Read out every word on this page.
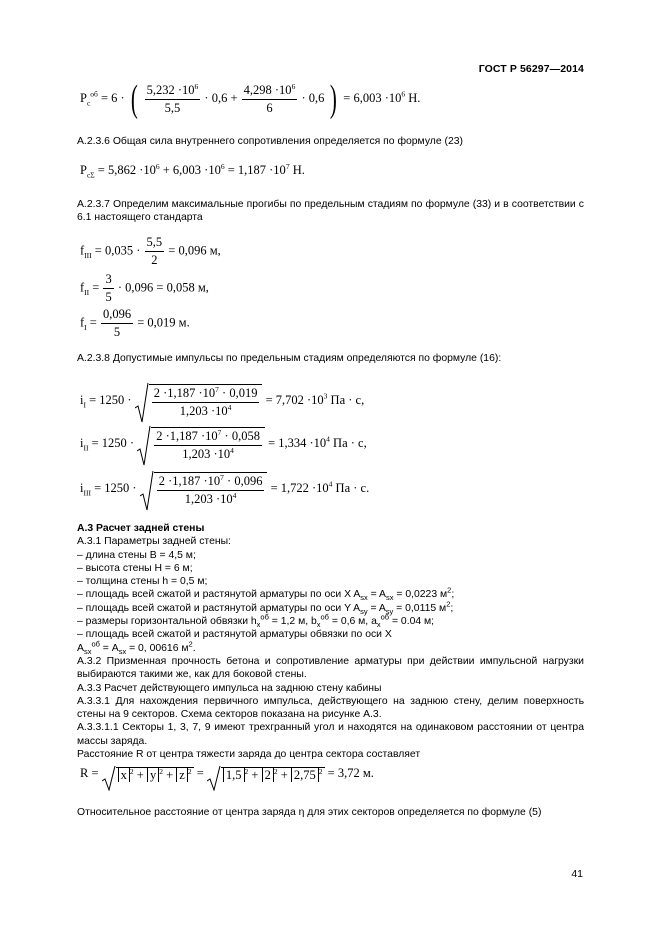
ГОСТ Р 56297—2014
$P_c^{об} = 6$ · ( $\frac{5,232 \cdot 10^6}{5,5} \cdot 0,6 + \frac{4,298 \cdot 10^6}{6} \cdot 0,6$ ) = $6,003 \cdot 10^6$ Н.
А.2.3.6 Общая сила внутреннего сопротивления определяется по формуле (23)
$P_{c\Sigma} = 5,862 \cdot 10^6 + 6,003 \cdot 10^6 = 1,187 \cdot 10^7$ Н.
А.2.3.7 Определим максимальные прогибы по предельным стадиям по формуле (33) и в соответствии с 6.1 настоящего стандарта
$f_{III} = 0,035 \cdot \frac{5,5}{2} = 0,096$ м,
$f_{II} = \frac{3}{5} \cdot 0,096 = 0,058$ м,
$f_I = \frac{0,096}{5} = 0,019$ м.
А.2.3.8 Допустимые импульсы по предельным стадиям определяются по формуле (16):
$i_I = 1250 \cdot \frac{2 \cdot 1,187 \cdot 10^7 \cdot 0,019}{1,203 \cdot 10^4} = 7,702 \cdot 10^3$ Па · с,
$i_{II} = 1250 \cdot \frac{2 \cdot 1,187 \cdot 10^7 \cdot 0,058}{1,203 \cdot 10^4} = 1,334 \cdot 10^4$ Па · с,
$i_{III} = 1250 \cdot \frac{2 \cdot 1,187 \cdot 10^7 \cdot 0,096}{1,203 \cdot 10^4} = 1,722 \cdot 10^4$ Па · с.
А.3 Расчет задней стены
А.3.1 Параметры задней стены:
– длина стены B = 4,5 м;
– высота стены H = 6 м;
– толщина стены h = 0,5 м;
– площадь всей сжатой и растянутой арматуры по оси X $A_{sx} = A_{sx} = 0,0223$ $м^2$;
– площадь всей сжатой и растянутой арматуры по оси Y $A_{sy} = A_{sy} = 0,0115$ $м^2$;
– размеры горизонтальной обвязки $h_x^{об} = 1,2$ м, $b_x^{об} = 0,6$ м, $a_x^{об} = 0.04$ м;
– площадь всей сжатой и растянутой арматуры обвязки по оси X
$A_{sx}^{об} = A_{sx} = 0$, 00616 $м^2$.
А.3.2 Призменная прочность бетона и сопротивление арматуры при действии импульсной нагрузки выбираются такими же, как для боковой стены.
А.3.3 Расчет действующего импульса на заднюю стену кабины
А.3.3.1 Для нахождения первичного импульса, действующего на заднюю стену, делим поверхность стены на 9 секторов. Схема секторов показана на рисунке А.3.
А.3.3.1.1 Секторы 1, 3, 7, 9 имеют трехгранный угол и находятся на одинаковом расстоянии от центра массы заряда.
Расстояние R от центра тяжести заряда до центра сектора составляет
R = x $^2$ + y $^2$ + z $^2$ =
1,5 $^2$ + 2 $^2$ + 2,75 $^2$ = 3,72 м.
Относительное расстояние от центра заряда η для этих секторов определяется по формуле (5)
41
